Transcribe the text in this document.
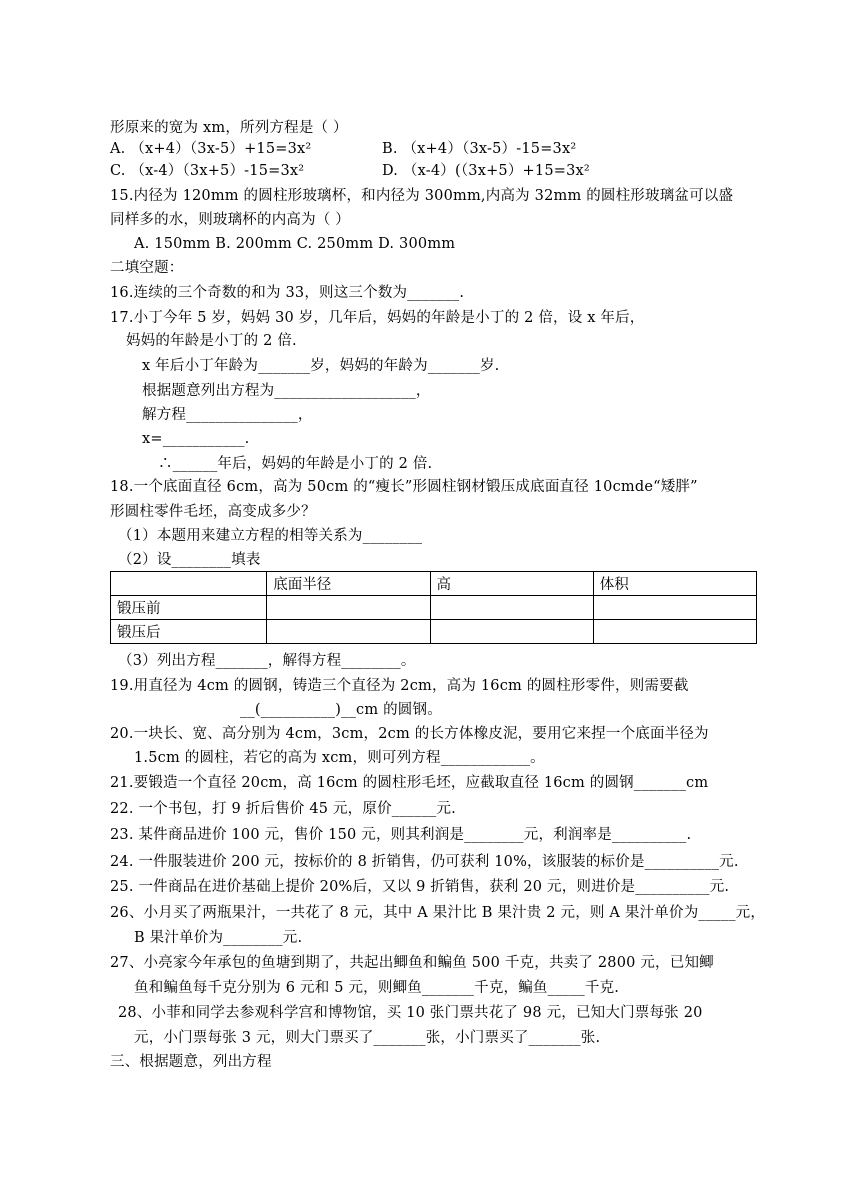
形原来的宽为 xm，所列方程是（ ）
A. （x+4）（3x-5）+15=3x²	B. （x+4）（3x-5）-15=3x²
C. （x-4）（3x+5）-15=3x²	D. （x-4）(（3x+5）+15=3x²
15.内径为 120mm 的圆柱形玻璃杯，和内径为 300mm,内高为 32mm 的圆柱形玻璃盆可以盛
同样多的水，则玻璃杯的内高为（ ）
A. 150mm B. 200mm C. 250mm D. 300mm
二填空题：
16.连续的三个奇数的和为 33，则这三个数为_______.
17.小丁今年 5 岁，妈妈 30 岁，几年后，妈妈的年龄是小丁的 2 倍，设 x 年后，
妈妈的年龄是小丁的 2 倍.
x 年后小丁年龄为_______岁，妈妈的年龄为_______岁.
根据题意列出方程为___________________，
解方程_______________，
x=___________.
∴______年后，妈妈的年龄是小丁的 2 倍.
18.一个底面直径 6cm，高为 50cm 的“瘦长”形圆柱钢材锻压成底面直径 10cmde“矮胖”
形圆柱零件毛坯，高变成多少？
（1）本题用来建立方程的相等关系为________
（2）设________填表
	底面半径	高	体积
锻压前			
锻压后			
（3）列出方程_______，解得方程________。
19.用直径为 4cm 的圆钢，铸造三个直径为 2cm，高为 16cm 的圆柱形零件，则需要截
__(__________)__cm 的圆钢。
20.一块长、宽、高分别为 4cm，3cm，2cm 的长方体橡皮泥，要用它来捏一个底面半径为
1.5cm 的圆柱，若它的高为 xcm，则可列方程____________。
21.要锻造一个直径 20cm，高 16cm 的圆柱形毛坯，应截取直径 16cm 的圆钢_______cm
22. 一个书包，打 9 折后售价 45 元，原价______元.
23. 某件商品进价 100 元，售价 150 元，则其利润是________元，利润率是__________.
24. 一件服装进价 200 元，按标价的 8 折销售，仍可获利 10%，该服装的标价是__________元.
25. 一件商品在进价基础上提价 20%后，又以 9 折销售，获利 20 元，则进价是__________元.
26、小月买了两瓶果汁，一共花了 8 元，其中 A 果汁比 B 果汁贵 2 元，则 A 果汁单价为_____元，
B 果汁单价为________元.
27、小亮家今年承包的鱼塘到期了，共起出鲫鱼和鳊鱼 500 千克，共卖了 2800 元，已知鲫
鱼和鳊鱼每千克分别为 6 元和 5 元，则鲫鱼_______千克，鳊鱼_____千克.
28、小菲和同学去参观科学宫和博物馆，买 10 张门票共花了 98 元，已知大门票每张 20
元，小门票每张 3 元，则大门票买了_______张，小门票买了_______张.
三、根据题意，列出方程
